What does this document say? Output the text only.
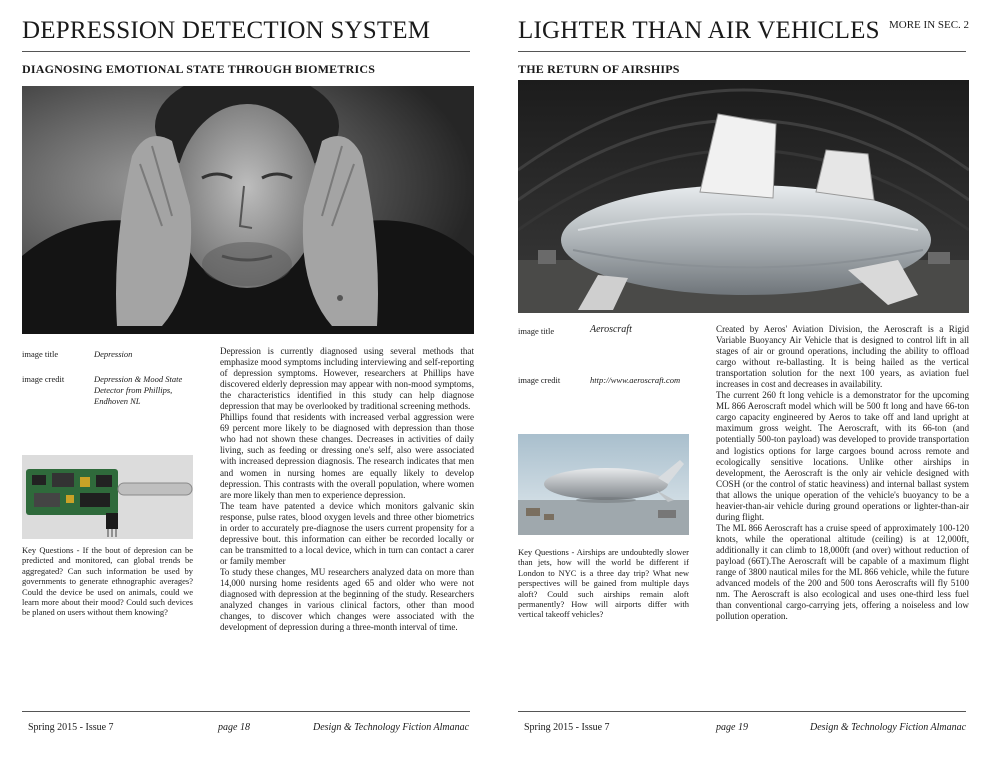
DEPRESSION DETECTION SYSTEM
DIAGNOSING EMOTIONAL STATE THROUGH BIOMETRICS
image title	Depression
image credit	Depression & Mood State Detector from Phillips, Endhoven NL
Key Questions - If the bout of depresion can be predicted and monitored, can global trends be aggregated? Can such information be used by governments to generate ethnographic averages? Could the device be used on animals, could we learn more about their mood? Could such devices be planed on users without them knowing?

Depression is currently diagnosed using several methods that emphasize mood symptoms including interviewing and self-reporting of depression symptoms. However, researchers at Phillips have discovered elderly depression may appear with non-mood symptoms, the characteristics identified in this study can help diagnose depression that may be overlooked by traditional screening methods.

Phillips found that residents with increased verbal aggression were 69 percent more likely to be diagnosed with depression than those who had not shown these changes. Decreases in activities of daily living, such as feeding or dressing one's self, also were associated with increased depression diagnosis. The research indicates that men and women in nursing homes are equally likely to develop depression. This contrasts with the overall population, where women are more likely than men to experience depression.

The team have patented a device which monitors galvanic skin response, pulse rates, blood oxygen levels and three other biometrics in order to accurately pre-diagnose the users current propensity for a depressive bout. this information can either be recorded locally or can be transmitted to a local device, which in turn can contact a carer or family member

To study these changes, MU researchers analyzed data on more than 14,000 nursing home residents aged 65 and older who were not diagnosed with depression at the beginning of the study. Researchers analyzed changes in various clinical factors, other than mood changes, to discover which changes were associated with the development of depression during a three-month interval of time.

Spring 2015 - Issue 7	page 18	Design & Technology Fiction Almanac
LIGHTER THAN AIR VEHICLES MORE IN SEC. 2
THE RETURN OF AIRSHIPS
image title	Aeroscraft
image credit	http://www.aeroscraft.com
Key Questions - Airships are undoubtedly slower than jets, how will the world be different if London to NYC is a three day trip? What new perspectives will be gained from multiple days aloft? Could such airships remain aloft permanently? How will airports differ with vertical takeoff vehicles?

Created by Aeros' Aviation Division, the Aeroscraft is a Rigid Variable Buoyancy Air Vehicle that is designed to control lift in all stages of air or ground operations, including the ability to offload cargo without re-ballasting. It is being hailed as the vertical transportation solution for the next 100 years, as aviation fuel increases in cost and decreases in availability.

The current 260 ft long vehicle is a demonstrator for the upcoming ML 866 Aeroscraft model which will be 500 ft long and have 66-ton cargo capacity engineered by Aeros to take off and land upright at maximum gross weight. The Aeroscraft, with its 66-ton (and potentially 500-ton payload) was developed to provide transportation and logistics options for large cargoes bound across remote and ecologically sensitive locations. Unlike other airships in development, the Aeroscraft is the only air vehicle designed with COSH (or the control of static heaviness) and internal ballast system that allows the unique operation of the vehicle's buoyancy to be a heavier-than-air vehicle during ground operations or lighter-than-air during flight.

The ML 866 Aeroscraft has a cruise speed of approximately 100-120 knots, while the operational altitude (ceiling) is at 12,000ft, additionally it can climb to 18,000ft (and over) without reduction of payload (66T).The Aeroscraft will be capable of a maximum flight range of 3800 nautical miles for the ML 866 vehicle, while the future advanced models of the 200 and 500 tons Aeroscrafts will fly 5100 nm. The Aeroscraft is also ecological and uses one-third less fuel than conventional cargo-carrying jets, offering a noiseless and low pollution operation.

Spring 2015 - Issue 7	page 19	Design & Technology Fiction Almanac
